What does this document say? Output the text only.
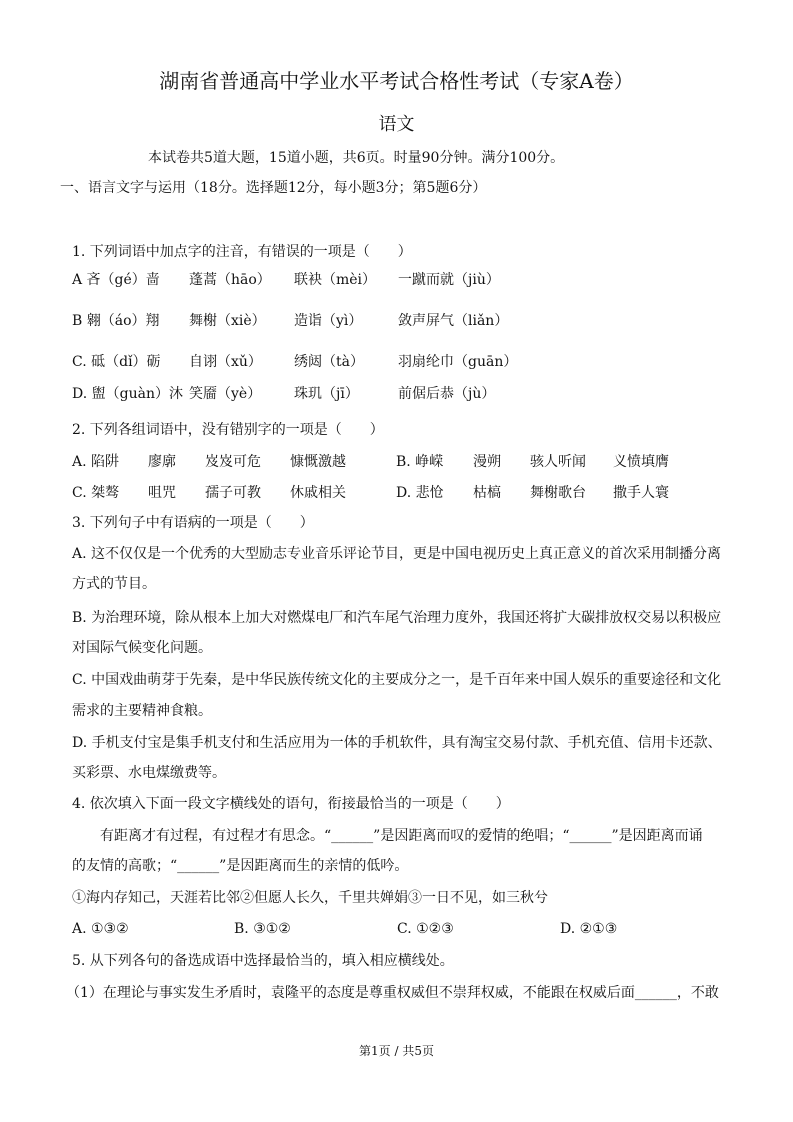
湖南省普通高中学业水平考试合格性考试（专家A卷）
语文
本试卷共5道大题，15道小题，共6页。时量90分钟。满分100分。
一、语言文字与运用（18分。选择题12分，每小题3分；第5题6分）
1. 下列词语中加点字的注音，有错误的一项是（　　）
A 吝（gé）啬 蓬蒿（hāo） 联袂（mèi） 一蹴而就（jiù）
B 翱（áo）翔 舞榭（xiè） 造诣（yì）	敛声屏气（liǎn）
C. 砥（dǐ）砺 自诩（xǔ） 绣闼（tà） 羽扇纶巾（guān）
D. 盥（guàn）沐 笑靥（yè） 珠玑（jī）	前倨后恭（jù）
2. 下列各组词语中，没有错别字的一项是（　　）
A. 陷阱 廖廓 岌岌可危 慷慨激越	B. 峥嵘 漫朔 骇人听闻 义愤填膺
C. 桀骜 咀咒 孺子可教 休戚相关	D. 悲怆 枯槁 舞榭歌台 撒手人寰
3. 下列句子中有语病的一项是（　　）
A. 这不仅仅是一个优秀的大型励志专业音乐评论节目，更是中国电视历史上真正意义的首次采用制播分离
方式的节目。
B. 为治理环境，除从根本上加大对燃煤电厂和汽车尾气治理力度外，我国还将扩大碳排放权交易以积极应
对国际气候变化问题。
C. 中国戏曲萌芽于先秦，是中华民族传统文化的主要成分之一，是千百年来中国人娱乐的重要途径和文化
需求的主要精神食粮。
D. 手机支付宝是集手机支付和生活应用为一体的手机软件，具有淘宝交易付款、手机充值、信用卡还款、
买彩票、水电煤缴费等。
4. 依次填入下面一段文字横线处的语句，衔接最恰当的一项是（　　）
有距离才有过程，有过程才有思念。“______”是因距离而叹的爱情的绝唱；“______”是因距离而诵
的友情的高歌；“______”是因距离而生的亲情的低吟。
①海内存知己，天涯若比邻②但愿人长久，千里共婵娟③一日不见，如三秋兮
A. ①③②	B. ③①②	C. ①②③	D. ②①③
5. 从下列各句的备选成语中选择最恰当的，填入相应横线处。
（1）在理论与事实发生矛盾时，袁隆平的态度是尊重权威但不崇拜权威，不能跟在权威后面______，不敢
第1页 / 共5页
